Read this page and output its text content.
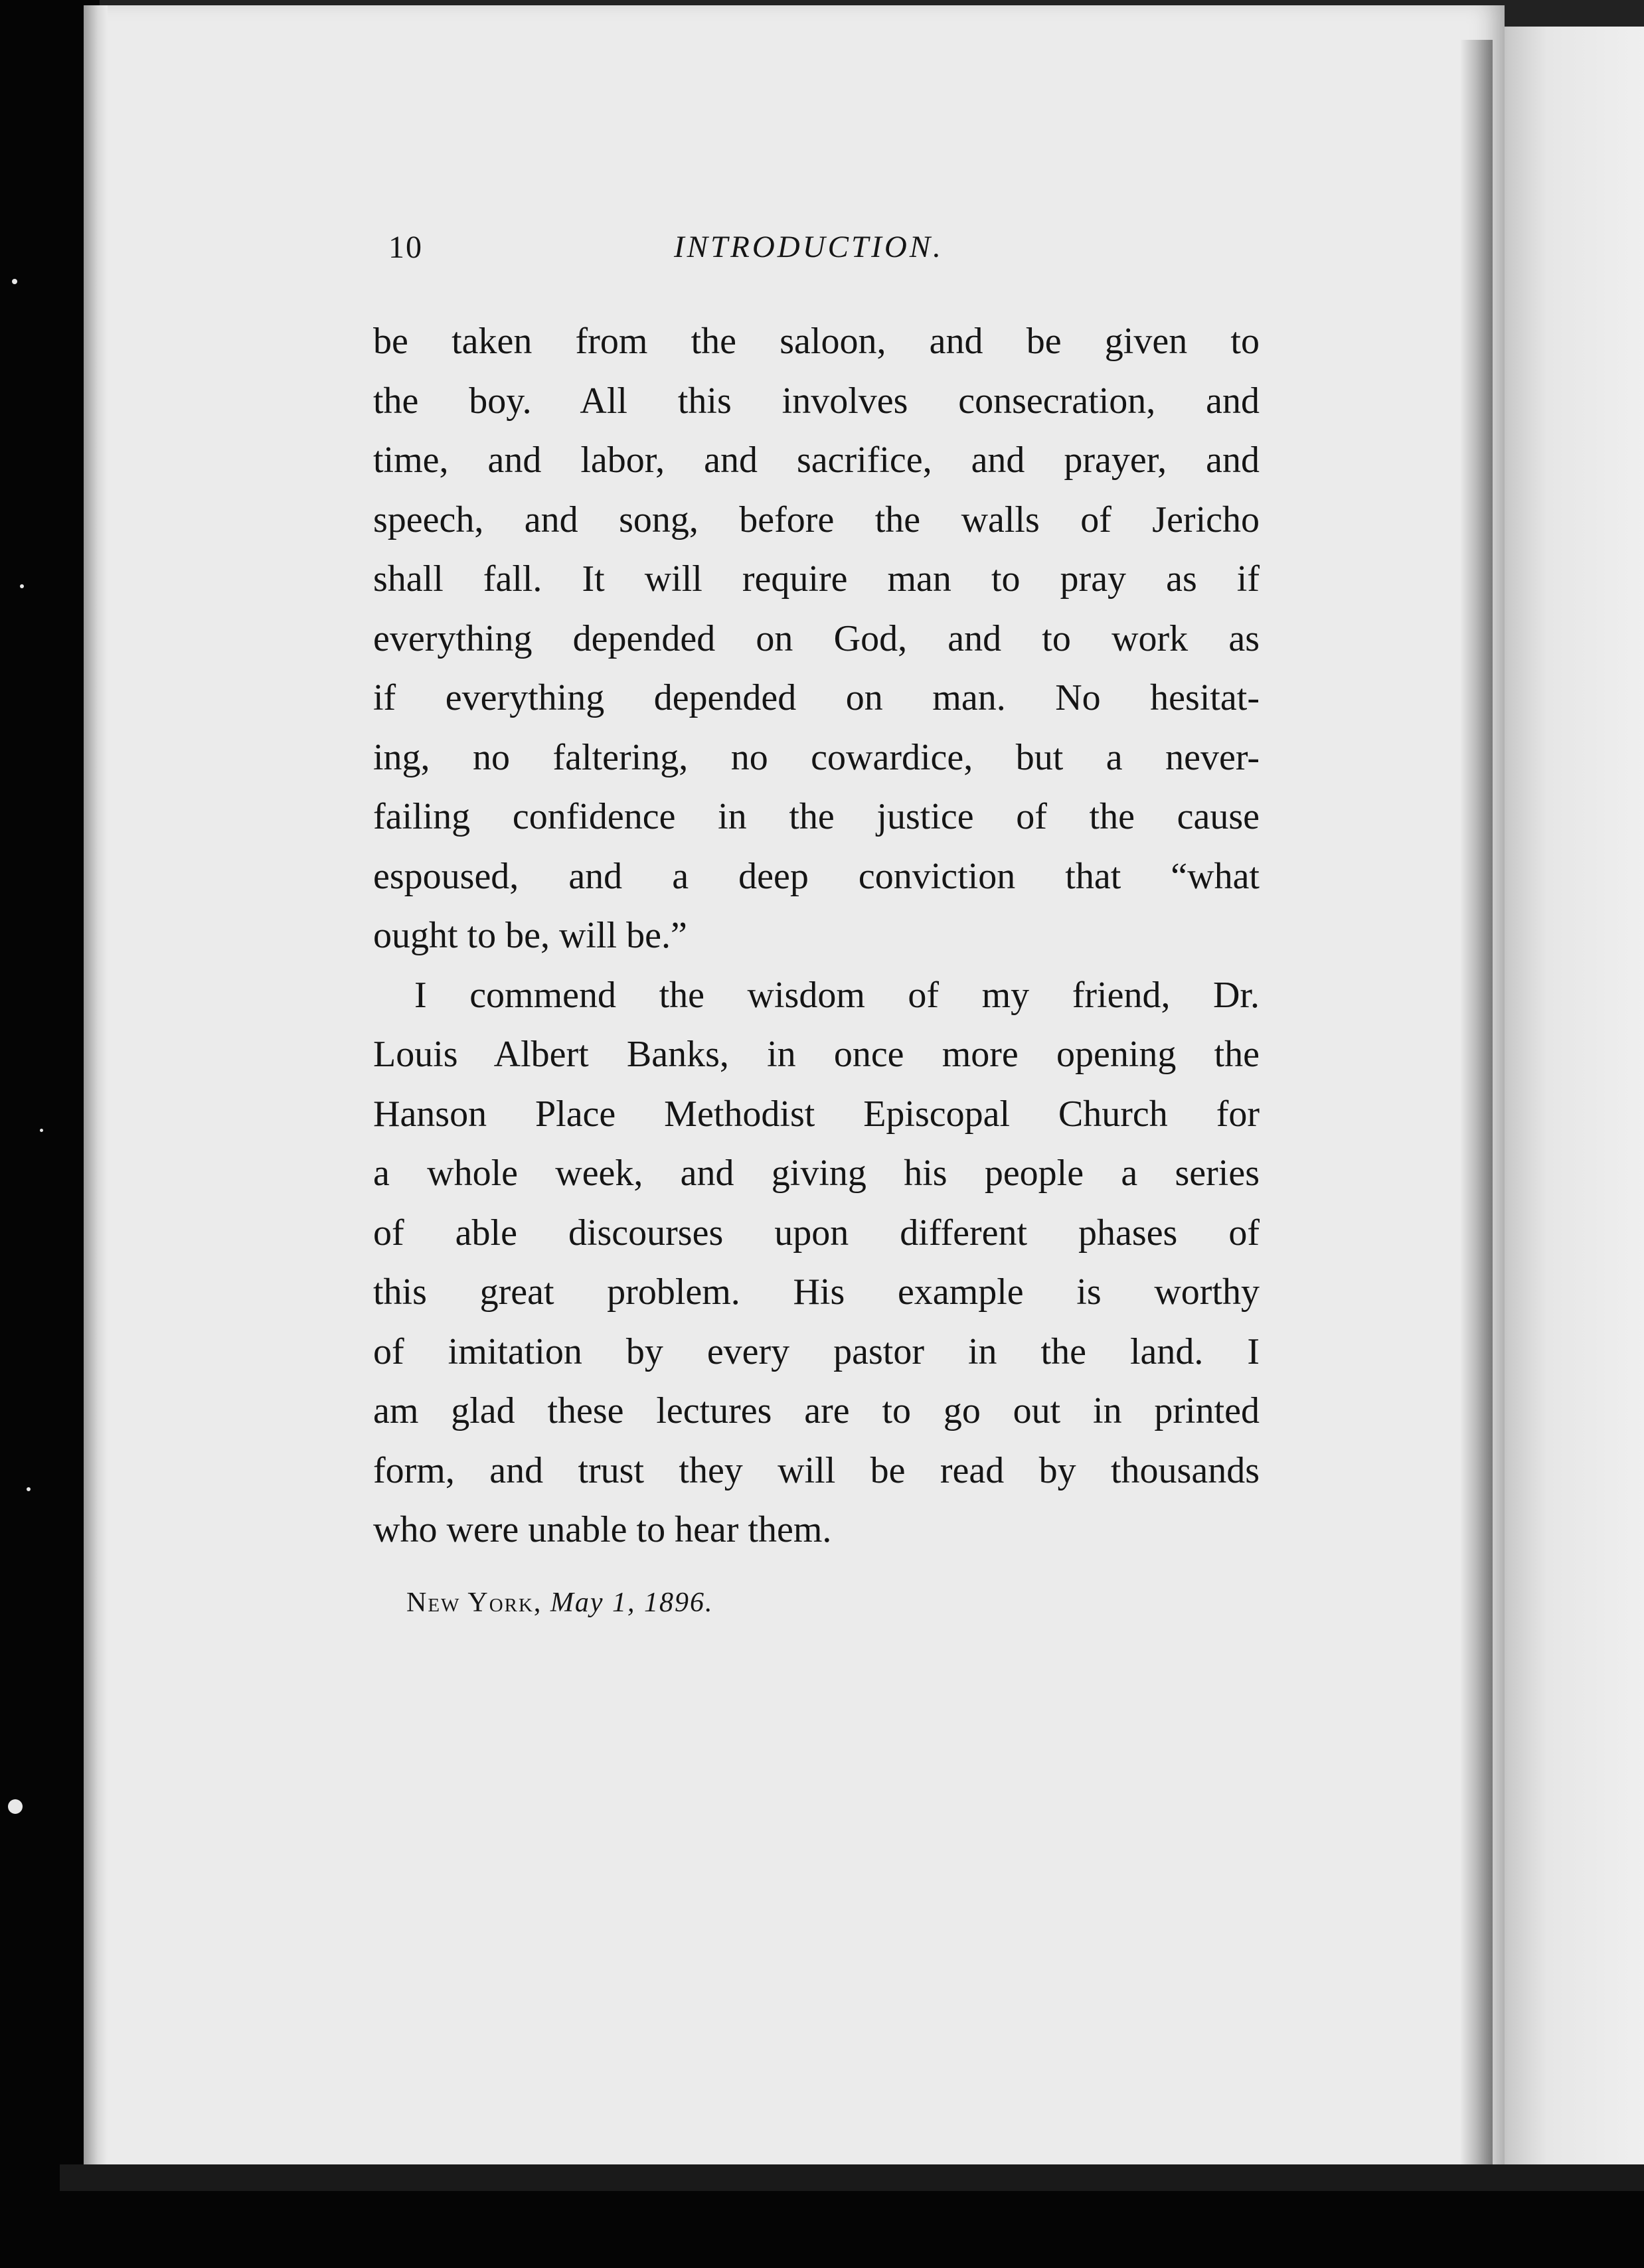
10	INTRODUCTION.
be taken from the saloon, and be given to
the boy. All this involves consecration, and
time, and labor, and sacrifice, and prayer, and
speech, and song, before the walls of Jericho
shall fall. It will require man to pray as if
everything depended on God, and to work as
if everything depended on man. No hesitat-
ing, no faltering, no cowardice, but a never-
failing confidence in the justice of the cause
espoused, and a deep conviction that “what
ought to be, will be.”
I commend the wisdom of my friend, Dr.
Louis Albert Banks, in once more opening the
Hanson Place Methodist Episcopal Church for
a whole week, and giving his people a series
of able discourses upon different phases of
this great problem. His example is worthy
of imitation by every pastor in the land. I
am glad these lectures are to go out in printed
form, and trust they will be read by thousands
who were unable to hear them.
New York, May 1, 1896.
